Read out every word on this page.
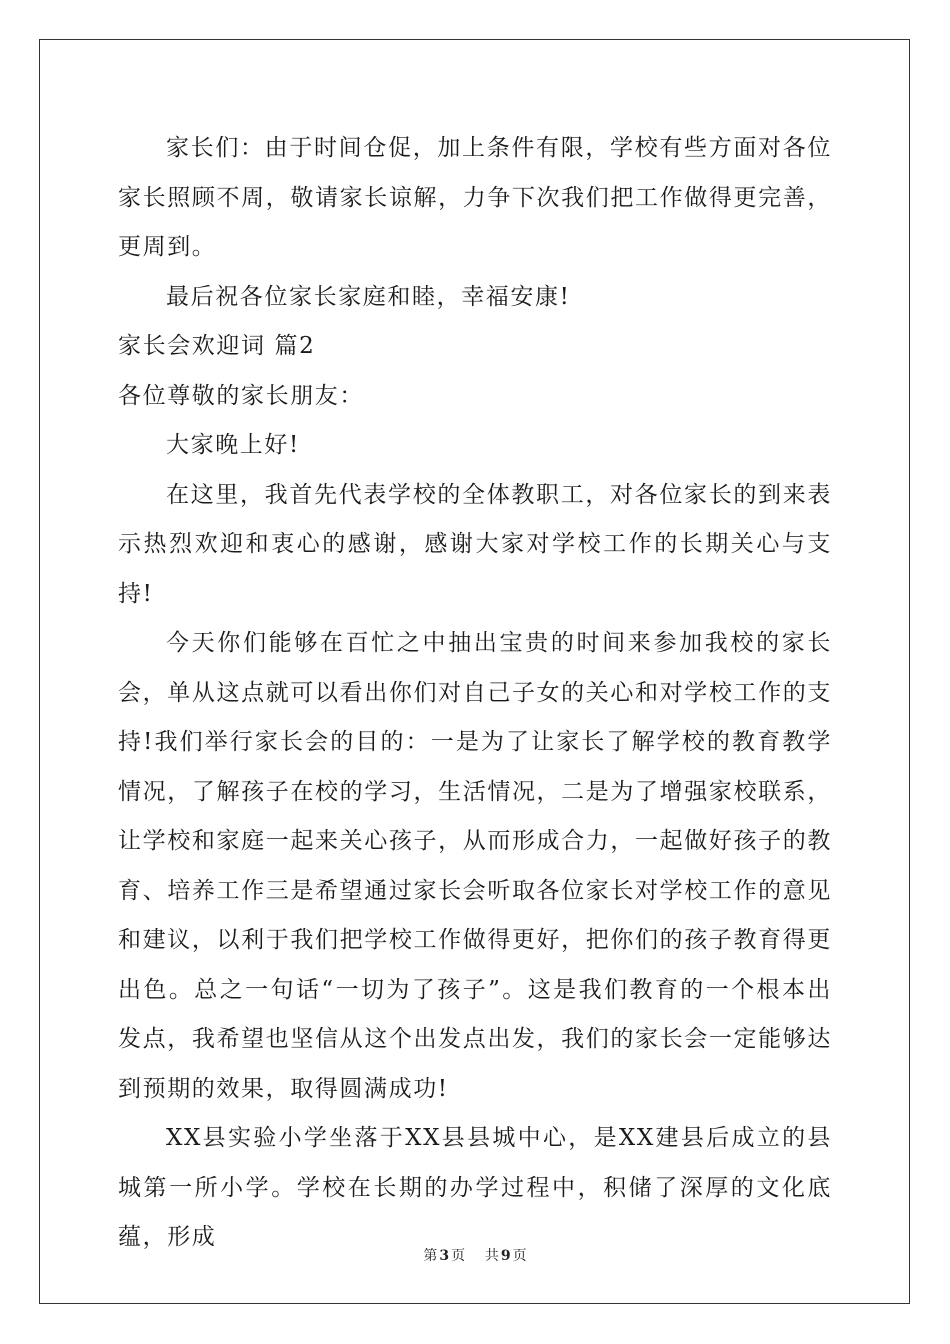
家长们：由于时间仓促，加上条件有限，学校有些方面对各位家长照顾不周，敬请家长谅解，力争下次我们把工作做得更完善，更周到。

最后祝各位家长家庭和睦，幸福安康!

家长会欢迎词 篇2

各位尊敬的家长朋友：

大家晚上好!

在这里，我首先代表学校的全体教职工，对各位家长的到来表示热烈欢迎和衷心的感谢，感谢大家对学校工作的长期关心与支持!

今天你们能够在百忙之中抽出宝贵的时间来参加我校的家长会，单从这点就可以看出你们对自己子女的关心和对学校工作的支持!我们举行家长会的目的：一是为了让家长了解学校的教育教学情况，了解孩子在校的学习，生活情况，二是为了增强家校联系，让学校和家庭一起来关心孩子，从而形成合力，一起做好孩子的教育、培养工作三是希望通过家长会听取各位家长对学校工作的意见和建议，以利于我们把学校工作做得更好，把你们的孩子教育得更出色。总之一句话“一切为了孩子”。这是我们教育的一个根本出发点，我希望也坚信从这个出发点出发，我们的家长会一定能够达到预期的效果，取得圆满成功!

XX县实验小学坐落于XX县县城中心，是XX建县后成立的县城第一所小学。学校在长期的办学过程中，积储了深厚的文化底蕴，形成

第 3 页 共 9 页
